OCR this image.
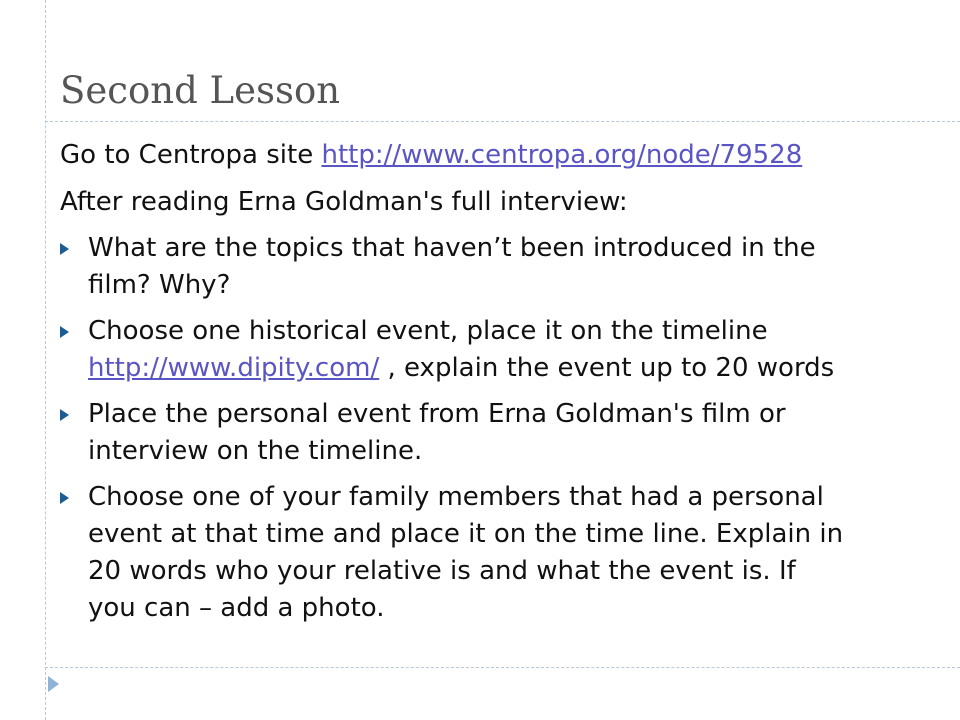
Second Lesson

Go to Centropa site http://www.centropa.org/node/79528

After reading Erna Goldman's full interview:

What are the topics that haven’t been introduced in the
film? Why?
Choose one historical event, place it on the timeline
http://www.dipity.com/ , explain the event up to 20 words
Place the personal event from Erna Goldman's film or
interview on the timeline.
Choose one of your family members that had a personal
event at that time and place it on the time line. Explain in
20 words who your relative is and what the event is. If
you can – add a photo.
